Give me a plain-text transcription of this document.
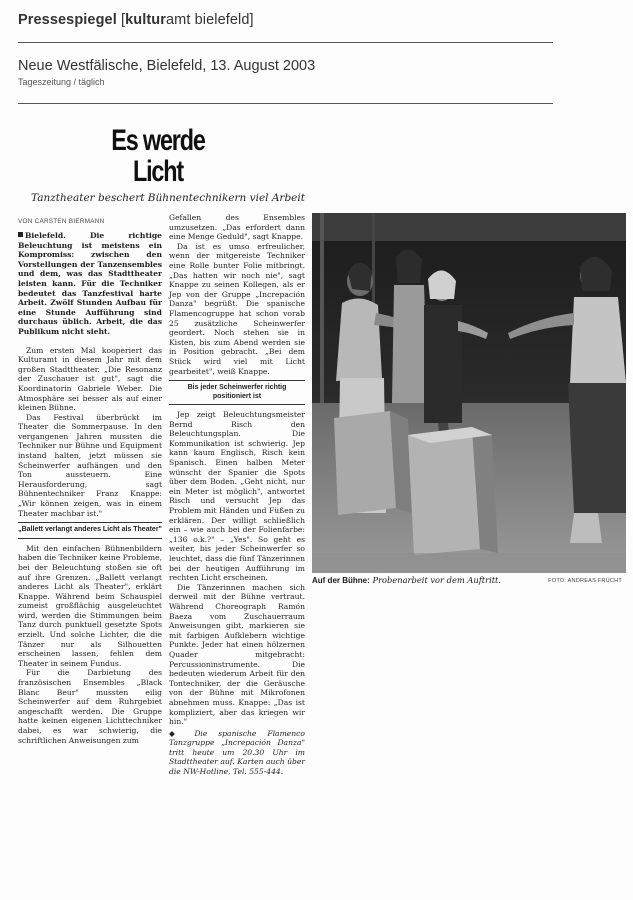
Pressespiegel [kulturamt bielefeld]
Neue Westfälische, Bielefeld, 13. August 2003
Tageszeitung / täglich
Es werde
Licht
Tanztheater beschert Bühnentechnikern viel Arbeit
VON CARSTEN BIERMANN

Bielefeld. Die richtige Beleuchtung ist meistens ein Kompromiss: zwischen den Vorstellungen der Tanzensembles und dem, was das Stadttheater leisten kann. Für die Techniker bedeutet das Tanzfestival harte Arbeit. Zwölf Stunden Aufbau für eine Stunde Aufführung sind durchaus üblich. Arbeit, die das Publikum nicht sieht.

Zum ersten Mal kooperiert das Kulturamt in diesem Jahr mit dem großen Stadttheater. „Die Resonanz der Zuschauer ist gut", sagt die Koordinatorin Gabriele Weber. Die Atmosphäre sei besser als auf einer kleinen Bühne.

Das Festival überbrückt im Theater die Sommerpause. In den vergangenen Jahren mussten die Techniker nur Bühne und Equipment instand halten, jetzt müssen sie Scheinwerfer aufhängen und den Ton aussteuern. Eine Herausforderung, sagt Bühnentechniker Franz Knappe: „Wir können zeigen, was in einem Theater machbar ist."

„Ballett verlangt anderes Licht als Theater"

Mit den einfachen Bühnenbildern haben die Techniker keine Probleme, bei der Beleuchtung stoßen sie oft auf ihre Grenzen. „Ballett verlangt anderes Licht als Theater", erklärt Knappe. Während beim Schauspiel zumeist großflächig ausgeleuchtet wird, werden die Stimmungen beim Tanz durch punktuell gesetzte Spots erzielt. Und solche Lichter, die die Tänzer nur als Silhouetten erscheinen lassen, fehlen dem Theater in seinem Fundus.

Für die Darbietung des französischen Ensembles „Black Blanc Beur" mussten eilig Scheinwerfer auf dem Ruhrgebiet angeschafft werden. Die Gruppe hatte keinen eigenen Lichttechniker dabei, es war schwierig, die schriftlichen Anweisungen zum

Gefallen des Ensembles umzusetzen. „Das erfordert dann eine Menge Geduld", sagt Knappe.

Da ist es umso erfreulicher, wenn der mitgereiste Techniker eine Rolle bunter Folie mitbringt. „Das hatten wir noch nie", sagt Knappe zu seinen Kollegen, als er Jep von der Gruppe „Increpación Danza" begrüßt. Die spanische Flamencogruppe hat schon vorab 25 zusätzliche Scheinwerfer geordert. Noch stehen sie in Kisten, bis zum Abend werden sie in Position gebracht. „Bei dem Stück wird viel mit Licht gearbeitet", weiß Knappe.

Bis jeder Scheinwerfer richtig positioniert ist

Jep zeigt Beleuchtungsmeister Bernd Risch den Beleuchtungsplan. Die Kommunikation ist schwierig. Jep kann kaum Englisch, Risch kein Spanisch. Einen halben Meter wünscht der Spanier die Spots über dem Boden. „Geht nicht, nur ein Meter ist möglich", antwortet Risch und versucht Jep das Problem mit Händen und Füßen zu erklären. Der willigt schließlich ein – wie auch bei der Folienfarbe: „136 o.k.?" – „Yes". So geht es weiter, bis jeder Scheinwerfer so leuchtet, dass die fünf Tänzerinnen bei der heutigen Aufführung im rechten Licht erscheinen.

Die Tänzerinnen machen sich derweil mit der Bühne vertraut. Während Choreograph Ramón Baeza vom Zuschauerraum Anweisungen gibt, markieren sie mit farbigen Aufklebern wichtige Punkte. Jeder hat einen hölzernen Quader mitgebracht: Percussioninstrumente. Die bedeuten wiederum Arbeit für den Tontechniker, der die Geräusche von der Bühne mit Mikrofonen abnehmen muss. Knappe: „Das ist kompliziert, aber das kriegen wir hin."

◆ Die spanische Flamenco Tanzgruppe „Increpación Danza" tritt heute um 20.30 Uhr im Stadttheater auf. Karten auch über die NW-Hotline, Tel. 555-444.

Auf der Bühne: Probenarbeit vor dem Auftritt.	FOTO: ANDREAS FRÜCHT
